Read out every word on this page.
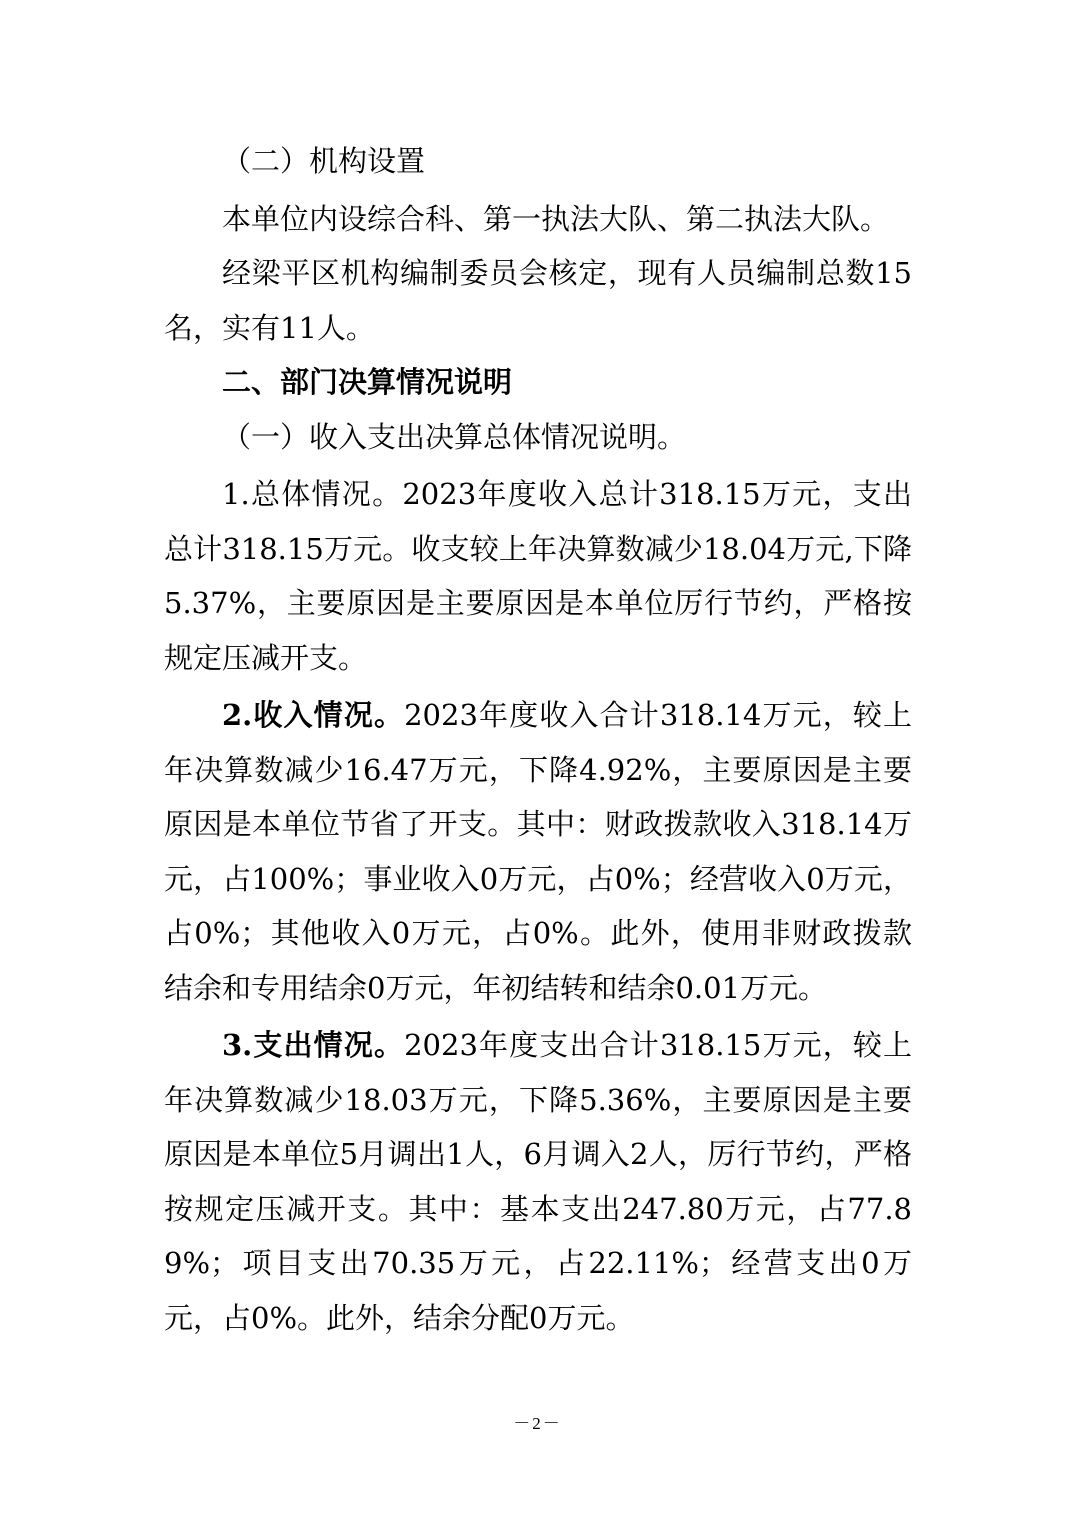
（二）机构设置

本单位内设综合科、第一执法大队、第二执法大队。

经梁平区机构编制委员会核定，现有人员编制总数15名，实有11人。

二、部门决算情况说明

（一）收入支出决算总体情况说明。

1.总体情况。2023年度收入总计318.15万元，支出总计318.15万元。收支较上年决算数减少18.04万元,下降5.37%，主要原因是主要原因是本单位厉行节约，严格按规定压减开支。

2.收入情况。2023年度收入合计318.14万元，较上年决算数减少16.47万元，下降4.92%，主要原因是主要原因是本单位节省了开支。其中：财政拨款收入318.14万元，占100%；事业收入0万元，占0%；经营收入0万元，占0%；其他收入0万元，占0%。此外，使用非财政拨款结余和专用结余0万元，年初结转和结余0.01万元。

3.支出情况。2023年度支出合计318.15万元，较上年决算数减少18.03万元，下降5.36%，主要原因是主要原因是本单位5月调出1人，6月调入2人，厉行节约，严格按规定压减开支。其中：基本支出247.80万元，占77.89%；项目支出70.35万元，占22.11%；经营支出0万元，占0%。此外，结余分配0万元。

－2－
